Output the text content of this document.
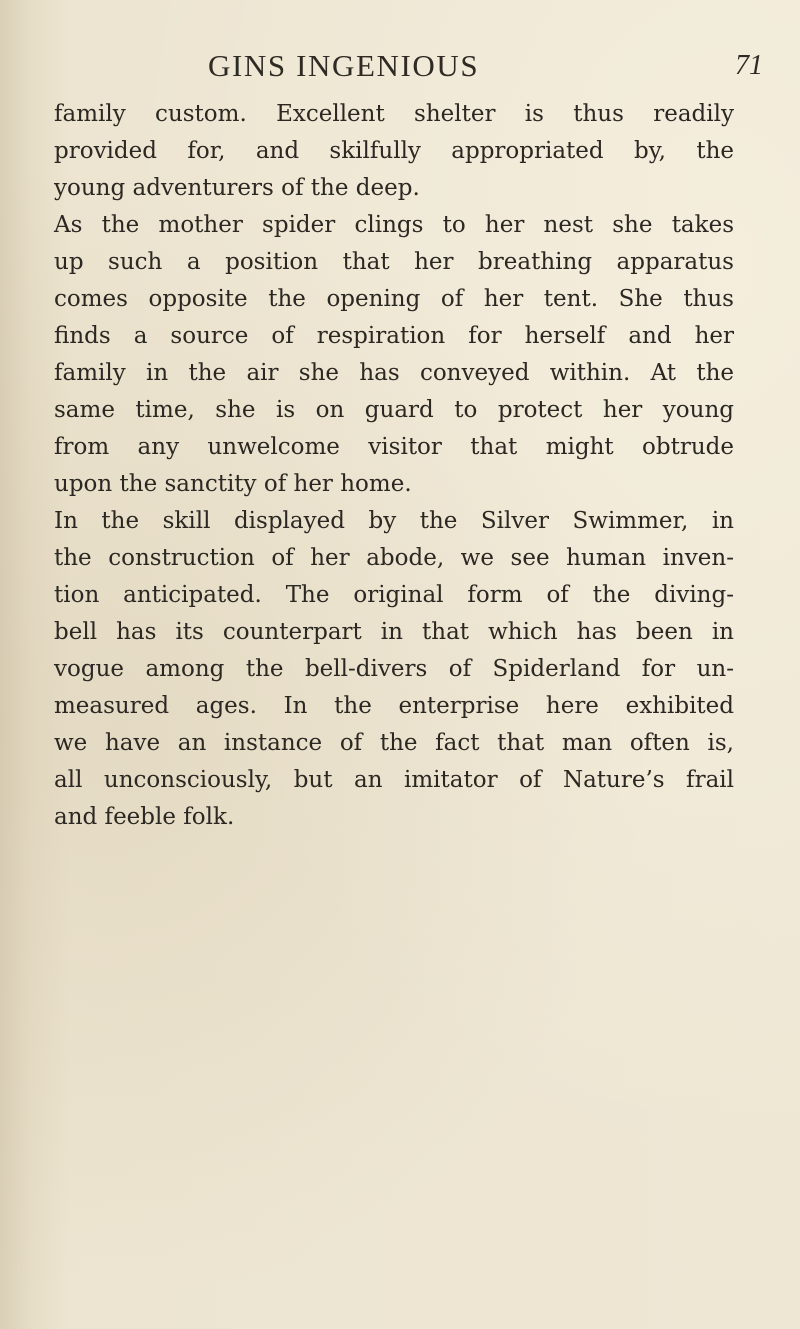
GINS INGENIOUS	71
family custom. Excellent shelter is thus readily
provided for, and skilfully appropriated by, the
young adventurers of the deep.
As the mother spider clings to her nest she takes
up such a position that her breathing apparatus
comes opposite the opening of her tent. She thus
finds a source of respiration for herself and her
family in the air she has conveyed within. At the
same time, she is on guard to protect her young
from any unwelcome visitor that might obtrude
upon the sanctity of her home.
In the skill displayed by the Silver Swimmer, in
the construction of her abode, we see human inven-
tion anticipated. The original form of the diving-
bell has its counterpart in that which has been in
vogue among the bell-divers of Spiderland for un-
measured ages. In the enterprise here exhibited
we have an instance of the fact that man often is,
all unconsciously, but an imitator of Nature’s frail
and feeble folk.
